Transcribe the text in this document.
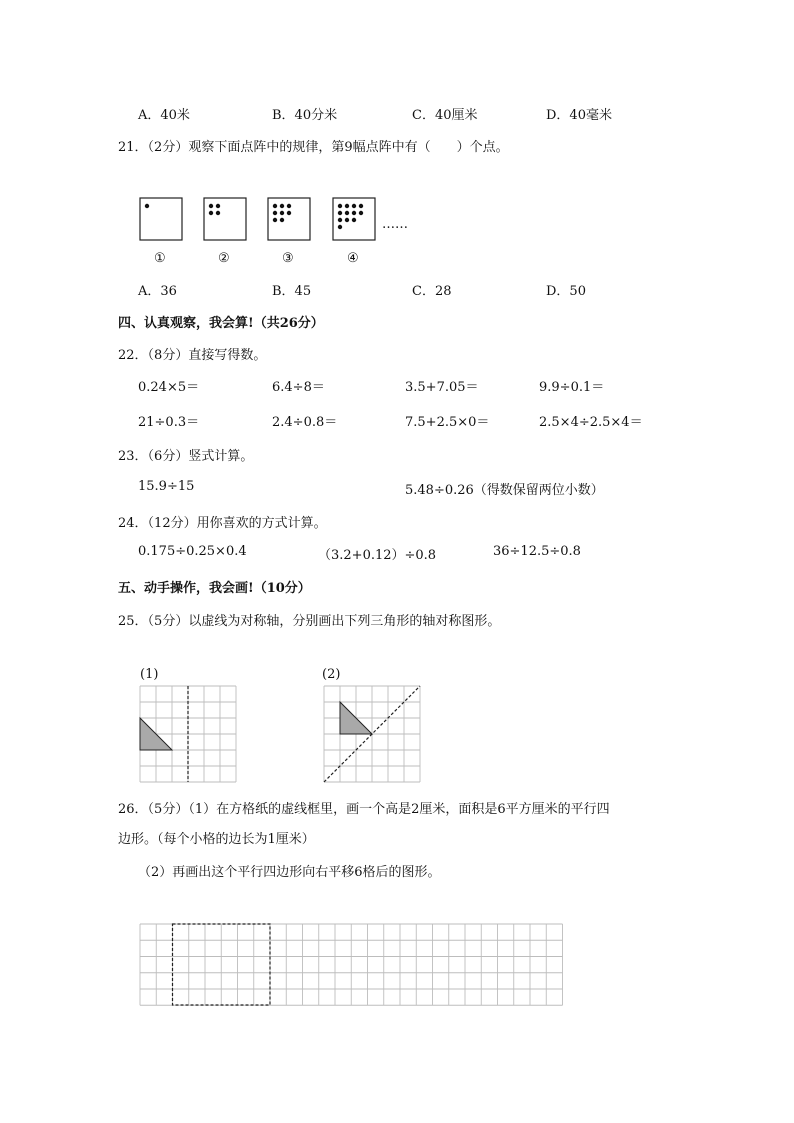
A．40米	B．40分米	C．40厘米	D．40毫米
21．（2分）观察下面点阵中的规律，第9幅点阵中有（　　）个点。
①	②	③	④
……
A．36	B．45	C．28	D．50
四、认真观察，我会算!（共26分）
22．（8分）直接写得数。
0.24×5＝	6.4÷8＝	3.5+7.05＝	9.9÷0.1＝
21÷0.3＝	2.4÷0.8＝	7.5+2.5×0＝	2.5×4÷2.5×4＝
23．（6分）竖式计算。
15.9÷15	5.48÷0.26（得数保留两位小数）
24．（12分）用你喜欢的方式计算。
0.175÷0.25×0.4	（3.2+0.12）÷0.8	36÷12.5÷0.8
五、动手操作，我会画!（10分）
25．（5分）以虚线为对称轴，分别画出下列三角形的轴对称图形。
(1)	(2)
26．（5分）（1）在方格纸的虚线框里，画一个高是2厘米，面积是6平方厘米的平行四
边形。（每个小格的边长为1厘米）
（2）再画出这个平行四边形向右平移6格后的图形。
